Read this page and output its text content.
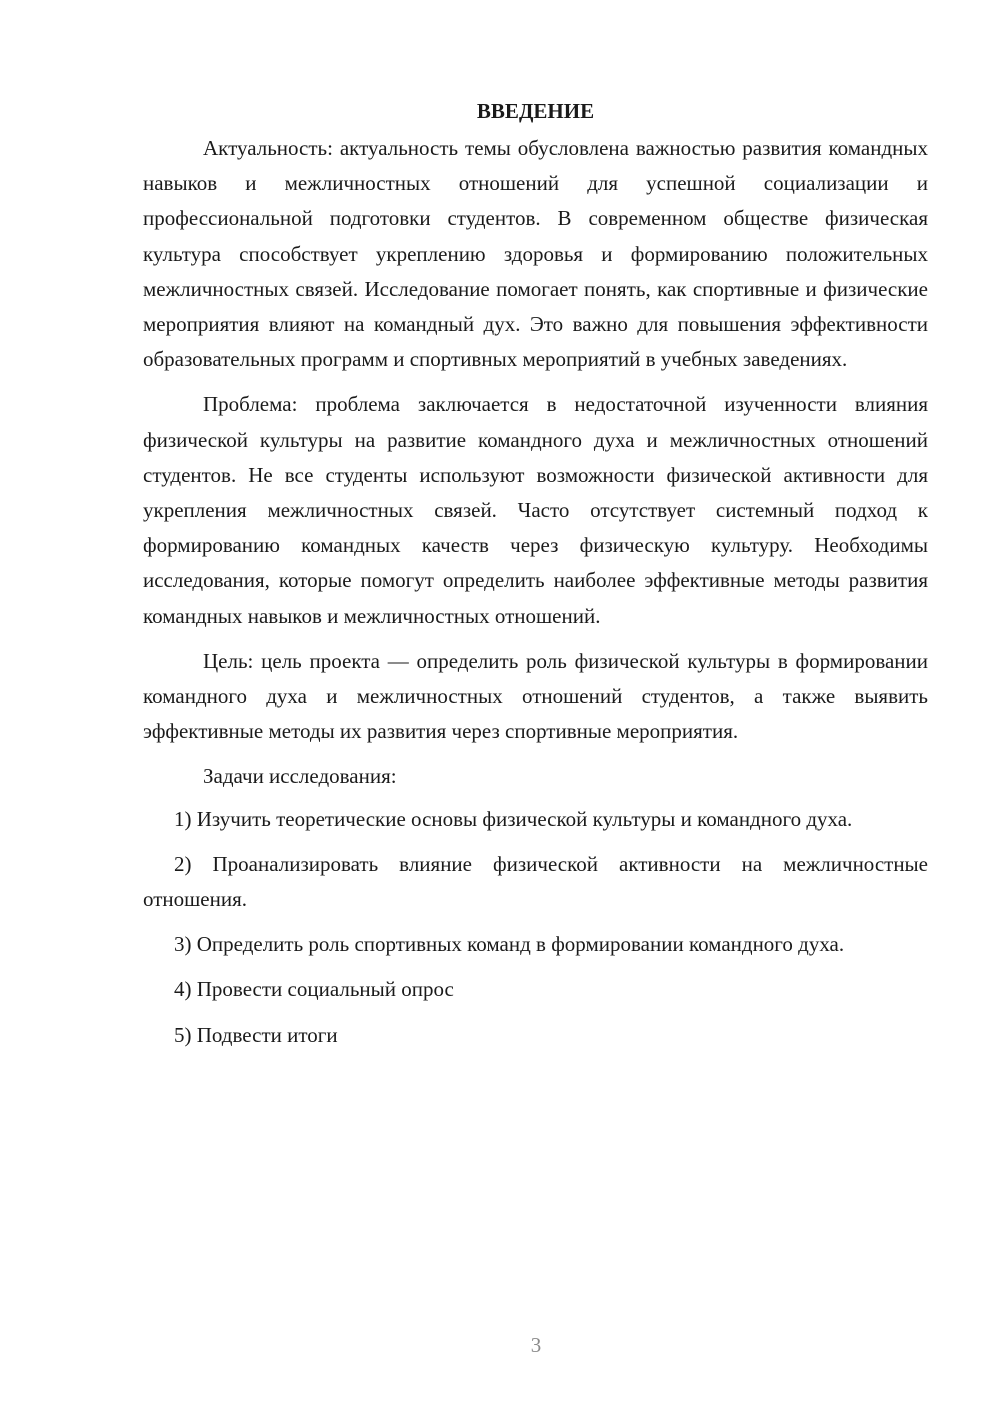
ВВЕДЕНИЕ

Актуальность: актуальность темы обусловлена важностью развития командных навыков и межличностных отношений для успешной социализации и профессиональной подготовки студентов. В современном обществе физическая культура способствует укреплению здоровья и формированию положительных межличностных связей. Исследование помогает понять, как спортивные и физические мероприятия влияют на командный дух. Это важно для повышения эффективности образовательных программ и спортивных мероприятий в учебных заведениях.

Проблема: проблема заключается в недостаточной изученности влияния физической культуры на развитие командного духа и межличностных отношений студентов. Не все студенты используют возможности физической активности для укрепления межличностных связей. Часто отсутствует системный подход к формированию командных качеств через физическую культуру. Необходимы исследования, которые помогут определить наиболее эффективные методы развития командных навыков и межличностных отношений.

Цель: цель проекта — определить роль физической культуры в формировании командного духа и межличностных отношений студентов, а также выявить эффективные методы их развития через спортивные мероприятия.

Задачи исследования:

1) Изучить теоретические основы физической культуры и командного духа.

2) Проанализировать влияние физической активности на межличностные отношения.

3) Определить роль спортивных команд в формировании командного духа.

4) Провести социальный опрос

5) Подвести итоги

3
